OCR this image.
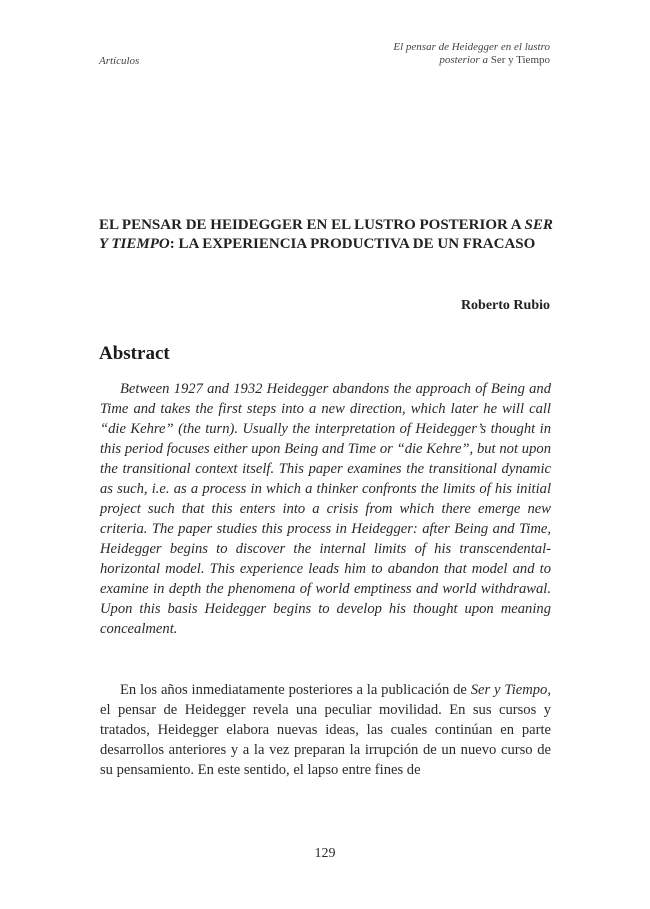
Artículos
El pensar de Heidegger en el lustro
posterior a Ser y Tiempo
EL PENSAR DE HEIDEGGER EN EL LUSTRO POSTERIOR A SER Y TIEMPO: LA EXPERIENCIA PRODUCTIVA DE UN FRACASO
Roberto Rubio
Abstract

Between 1927 and 1932 Heidegger abandons the approach of Being and Time and takes the first steps into a new direction, which later he will call “die Kehre” (the turn). Usually the interpretation of Heidegger’s thought in this period focuses either upon Being and Time or “die Kehre”, but not upon the transitional context itself. This paper examines the transitional dynamic as such, i.e. as a process in which a thinker confronts the limits of his initial project such that this enters into a crisis from which there emerge new criteria. The paper studies this process in Heidegger: after Being and Time, Heidegger begins to discover the internal limits of his transcendental-horizontal model. This experience leads him to abandon that model and to examine in depth the phenomena of world emptiness and world withdrawal. Upon this basis Heidegger begins to develop his thought upon meaning concealment.

En los años inmediatamente posteriores a la publicación de Ser y Tiempo, el pensar de Heidegger revela una peculiar movilidad. En sus cursos y tratados, Heidegger elabora nuevas ideas, las cuales continúan en parte desarrollos anteriores y a la vez preparan la irrupción de un nuevo curso de su pensamiento. En este sentido, el lapso entre fines de

129
